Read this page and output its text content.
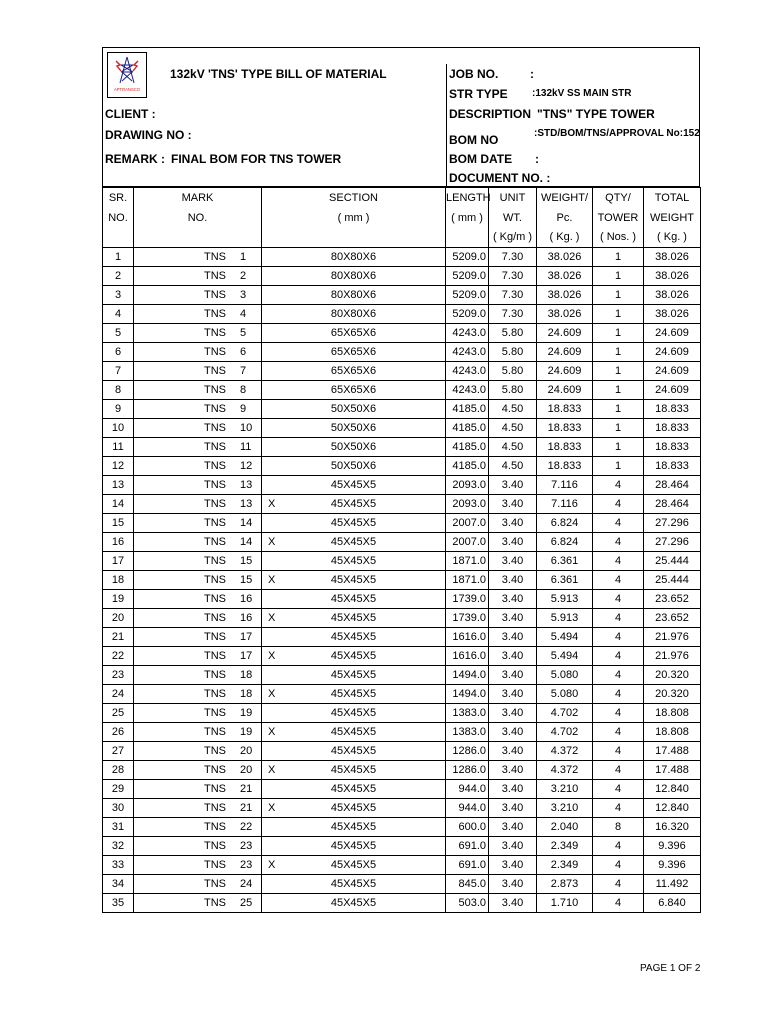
APTRANSCO
132kV 'TNS' TYPE BILL OF MATERIAL
CLIENT :
DRAWING NO :
REMARK : FINAL BOM FOR TNS TOWER
JOB NO.	:
STR TYPE :132kV SS MAIN STR
DESCRIPTION "TNS" TYPE TOWER
BOM NO	:STD/BOM/TNS/APPROVAL No:152
BOM DATE :
DOCUMENT NO. :
SR.	MARK	SECTION	LENGTH	UNIT	WEIGHT/	QTY/	TOTAL
NO.	NO.	( mm )	( mm )	WT.	Pc.	TOWER	WEIGHT
				( Kg/m )	( Kg. )	( Nos. )	( Kg. )
1	TNS 1	80X80X6	5209.0	7.30	38.026	1	38.026
2	TNS 2	80X80X6	5209.0	7.30	38.026	1	38.026
3	TNS 3	80X80X6	5209.0	7.30	38.026	1	38.026
4	TNS 4	80X80X6	5209.0	7.30	38.026	1	38.026
5	TNS 5	65X65X6	4243.0	5.80	24.609	1	24.609
6	TNS 6	65X65X6	4243.0	5.80	24.609	1	24.609
7	TNS 7	65X65X6	4243.0	5.80	24.609	1	24.609
8	TNS 8	65X65X6	4243.0	5.80	24.609	1	24.609
9	TNS 9	50X50X6	4185.0	4.50	18.833	1	18.833
10	TNS 10	50X50X6	4185.0	4.50	18.833	1	18.833
11	TNS 11	50X50X6	4185.0	4.50	18.833	1	18.833
12	TNS 12	50X50X6	4185.0	4.50	18.833	1	18.833
13	TNS 13	45X45X5	2093.0	3.40	7.116	4	28.464
14	TNS 13 X	45X45X5	2093.0	3.40	7.116	4	28.464
15	TNS 14	45X45X5	2007.0	3.40	6.824	4	27.296
16	TNS 14 X	45X45X5	2007.0	3.40	6.824	4	27.296
17	TNS 15	45X45X5	1871.0	3.40	6.361	4	25.444
18	TNS 15 X	45X45X5	1871.0	3.40	6.361	4	25.444
19	TNS 16	45X45X5	1739.0	3.40	5.913	4	23.652
20	TNS 16 X	45X45X5	1739.0	3.40	5.913	4	23.652
21	TNS 17	45X45X5	1616.0	3.40	5.494	4	21.976
22	TNS 17 X	45X45X5	1616.0	3.40	5.494	4	21.976
23	TNS 18	45X45X5	1494.0	3.40	5.080	4	20.320
24	TNS 18 X	45X45X5	1494.0	3.40	5.080	4	20.320
25	TNS 19	45X45X5	1383.0	3.40	4.702	4	18.808
26	TNS 19 X	45X45X5	1383.0	3.40	4.702	4	18.808
27	TNS 20	45X45X5	1286.0	3.40	4.372	4	17.488
28	TNS 20 X	45X45X5	1286.0	3.40	4.372	4	17.488
29	TNS 21	45X45X5	944.0	3.40	3.210	4	12.840
30	TNS 21 X	45X45X5	944.0	3.40	3.210	4	12.840
31	TNS 22	45X45X5	600.0	3.40	2.040	8	16.320
32	TNS 23	45X45X5	691.0	3.40	2.349	4	9.396
33	TNS 23 X	45X45X5	691.0	3.40	2.349	4	9.396
34	TNS 24	45X45X5	845.0	3.40	2.873	4	11.492
35	TNS 25	45X45X5	503.0	3.40	1.710	4	6.840
PAGE 1 OF 2
